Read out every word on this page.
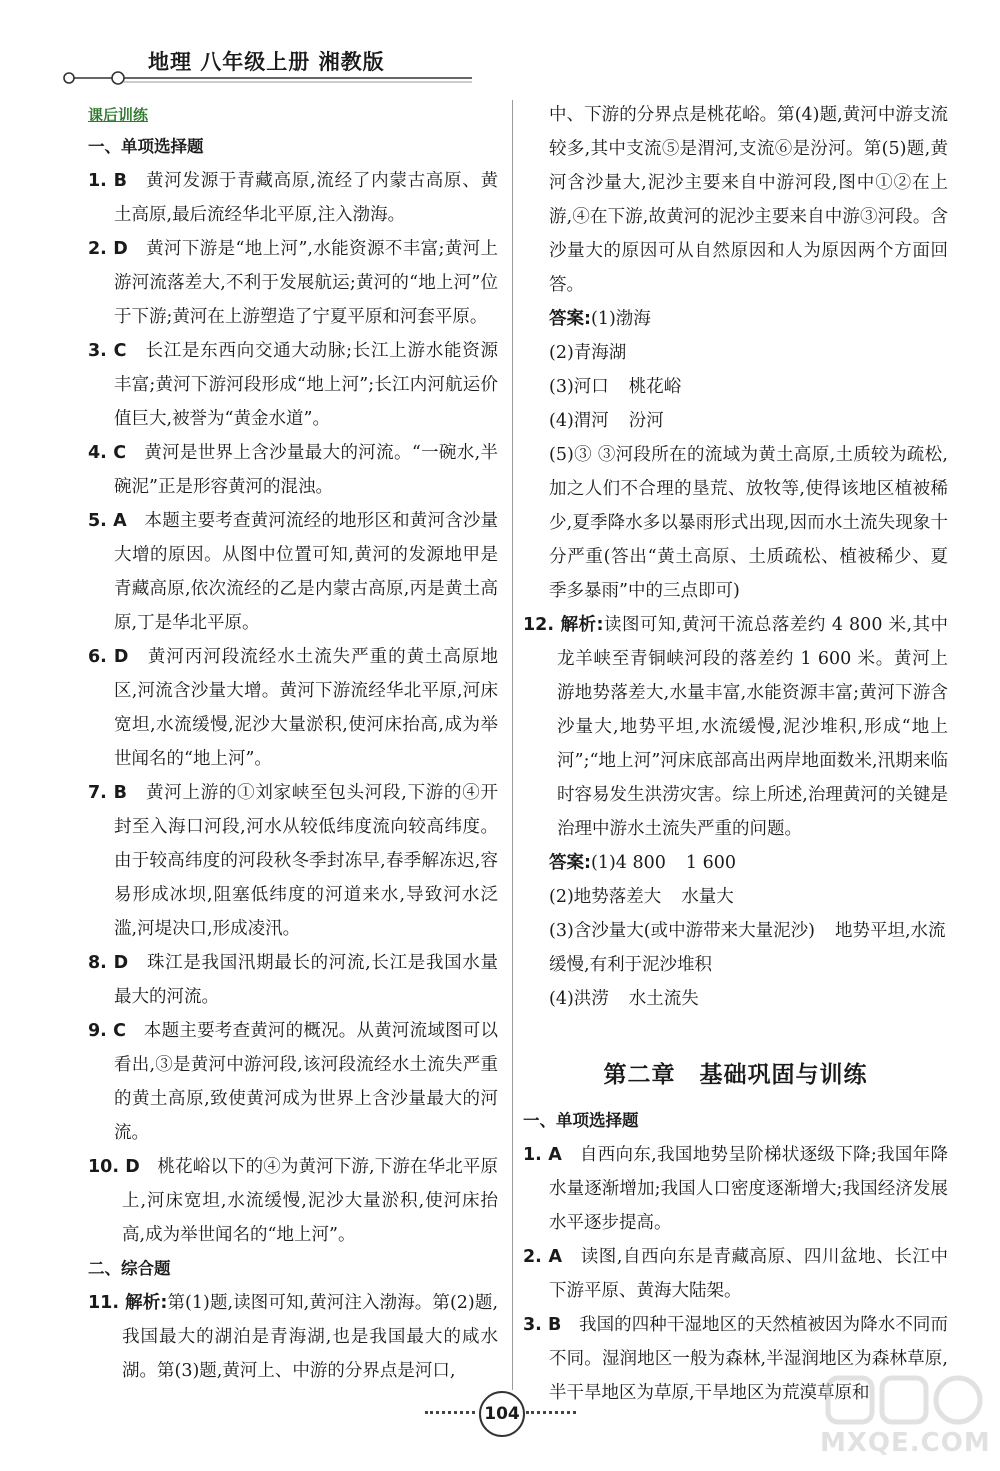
地理 八年级上册 湘教版

课后训练

一、单项选择题

1. B　 黄河发源于青藏高原,流经了内蒙古高原、黄土高原,最后流经华北平原,注入渤海。

2. D　 黄河下游是“地上河”,水能资源不丰富;黄河上游河流落差大,不利于发展航运;黄河的“地上河”位于下游;黄河在上游塑造了宁夏平原和河套平原。

3. C　 长江是东西向交通大动脉;长江上游水能资源丰富;黄河下游河段形成“地上河”;长江内河航运价值巨大,被誉为“黄金水道”。

4. C　 黄河是世界上含沙量最大的河流。“一碗水,半碗泥”正是形容黄河的混浊。

5. A　 本题主要考查黄河流经的地形区和黄河含沙量大增的原因。从图中位置可知,黄河的发源地甲是青藏高原,依次流经的乙是内蒙古高原,丙是黄土高原,丁是华北平原。

6. D　 黄河丙河段流经水土流失严重的黄土高原地区,河流含沙量大增。黄河下游流经华北平原,河床宽坦,水流缓慢,泥沙大量淤积,使河床抬高,成为举世闻名的“地上河”。

7. B　 黄河上游的①刘家峡至包头河段,下游的④开封至入海口河段,河水从较低纬度流向较高纬度。由于较高纬度的河段秋冬季封冻早,春季解冻迟,容易形成冰坝,阻塞低纬度的河道来水,导致河水泛滥,河堤决口,形成凌汛。

8. D　 珠江是我国汛期最长的河流,长江是我国水量最大的河流。

9. C　 本题主要考查黄河的概况。从黄河流域图可以看出,③是黄河中游河段,该河段流经水土流失严重的黄土高原,致使黄河成为世界上含沙量最大的河流。

10. D　 桃花峪以下的④为黄河下游,下游在华北平原上,河床宽坦,水流缓慢,泥沙大量淤积,使河床抬高,成为举世闻名的“地上河”。

二、综合题

11. 解析:第(1)题,读图可知,黄河注入渤海。第(2)题,我国最大的湖泊是青海湖,也是我国最大的咸水湖。第(3)题,黄河上、中游的分界点是河口,

中、下游的分界点是桃花峪。第(4)题,黄河中游支流较多,其中支流⑤是渭河,支流⑥是汾河。第(5)题,黄河含沙量大,泥沙主要来自中游河段,图中①②在上游,④在下游,故黄河的泥沙主要来自中游③河段。含沙量大的原因可从自然原因和人为原因两个方面回答。

答案:(1)渤海

(2)青海湖

(3)河口 桃花峪

(4)渭河 汾河

(5)③ ③河段所在的流域为黄土高原,土质较为疏松,加之人们不合理的垦荒、放牧等,使得该地区植被稀少,夏季降水多以暴雨形式出现,因而水土流失现象十分严重(答出“黄土高原、土质疏松、植被稀少、夏季多暴雨”中的三点即可)

12. 解析:读图可知,黄河干流总落差约 4 800 米,其中龙羊峡至青铜峡河段的落差约 1 600 米。黄河上游地势落差大,水量丰富,水能资源丰富;黄河下游含沙量大,地势平坦,水流缓慢,泥沙堆积,形成“地上河”;“地上河”河床底部高出两岸地面数米,汛期来临时容易发生洪涝灾害。综上所述,治理黄河的关键是治理中游水土流失严重的问题。

答案:(1)4 800 1 600

(2)地势落差大 水量大

(3)含沙量大(或中游带来大量泥沙) 地势平坦,水流缓慢,有利于泥沙堆积

(4)洪涝 水土流失

第二章　基础巩固与训练

一、单项选择题

1. A　 自西向东,我国地势呈阶梯状逐级下降;我国年降水量逐渐增加;我国人口密度逐渐增大;我国经济发展水平逐步提高。

2. A　 读图,自西向东是青藏高原、四川盆地、长江中下游平原、黄海大陆架。

3. B　 我国的四种干湿地区的天然植被因为降水不同而不同。湿润地区一般为森林,半湿润地区为森林草原,半干旱地区为草原,干旱地区为荒漠草原和

104
MXQE.COM
